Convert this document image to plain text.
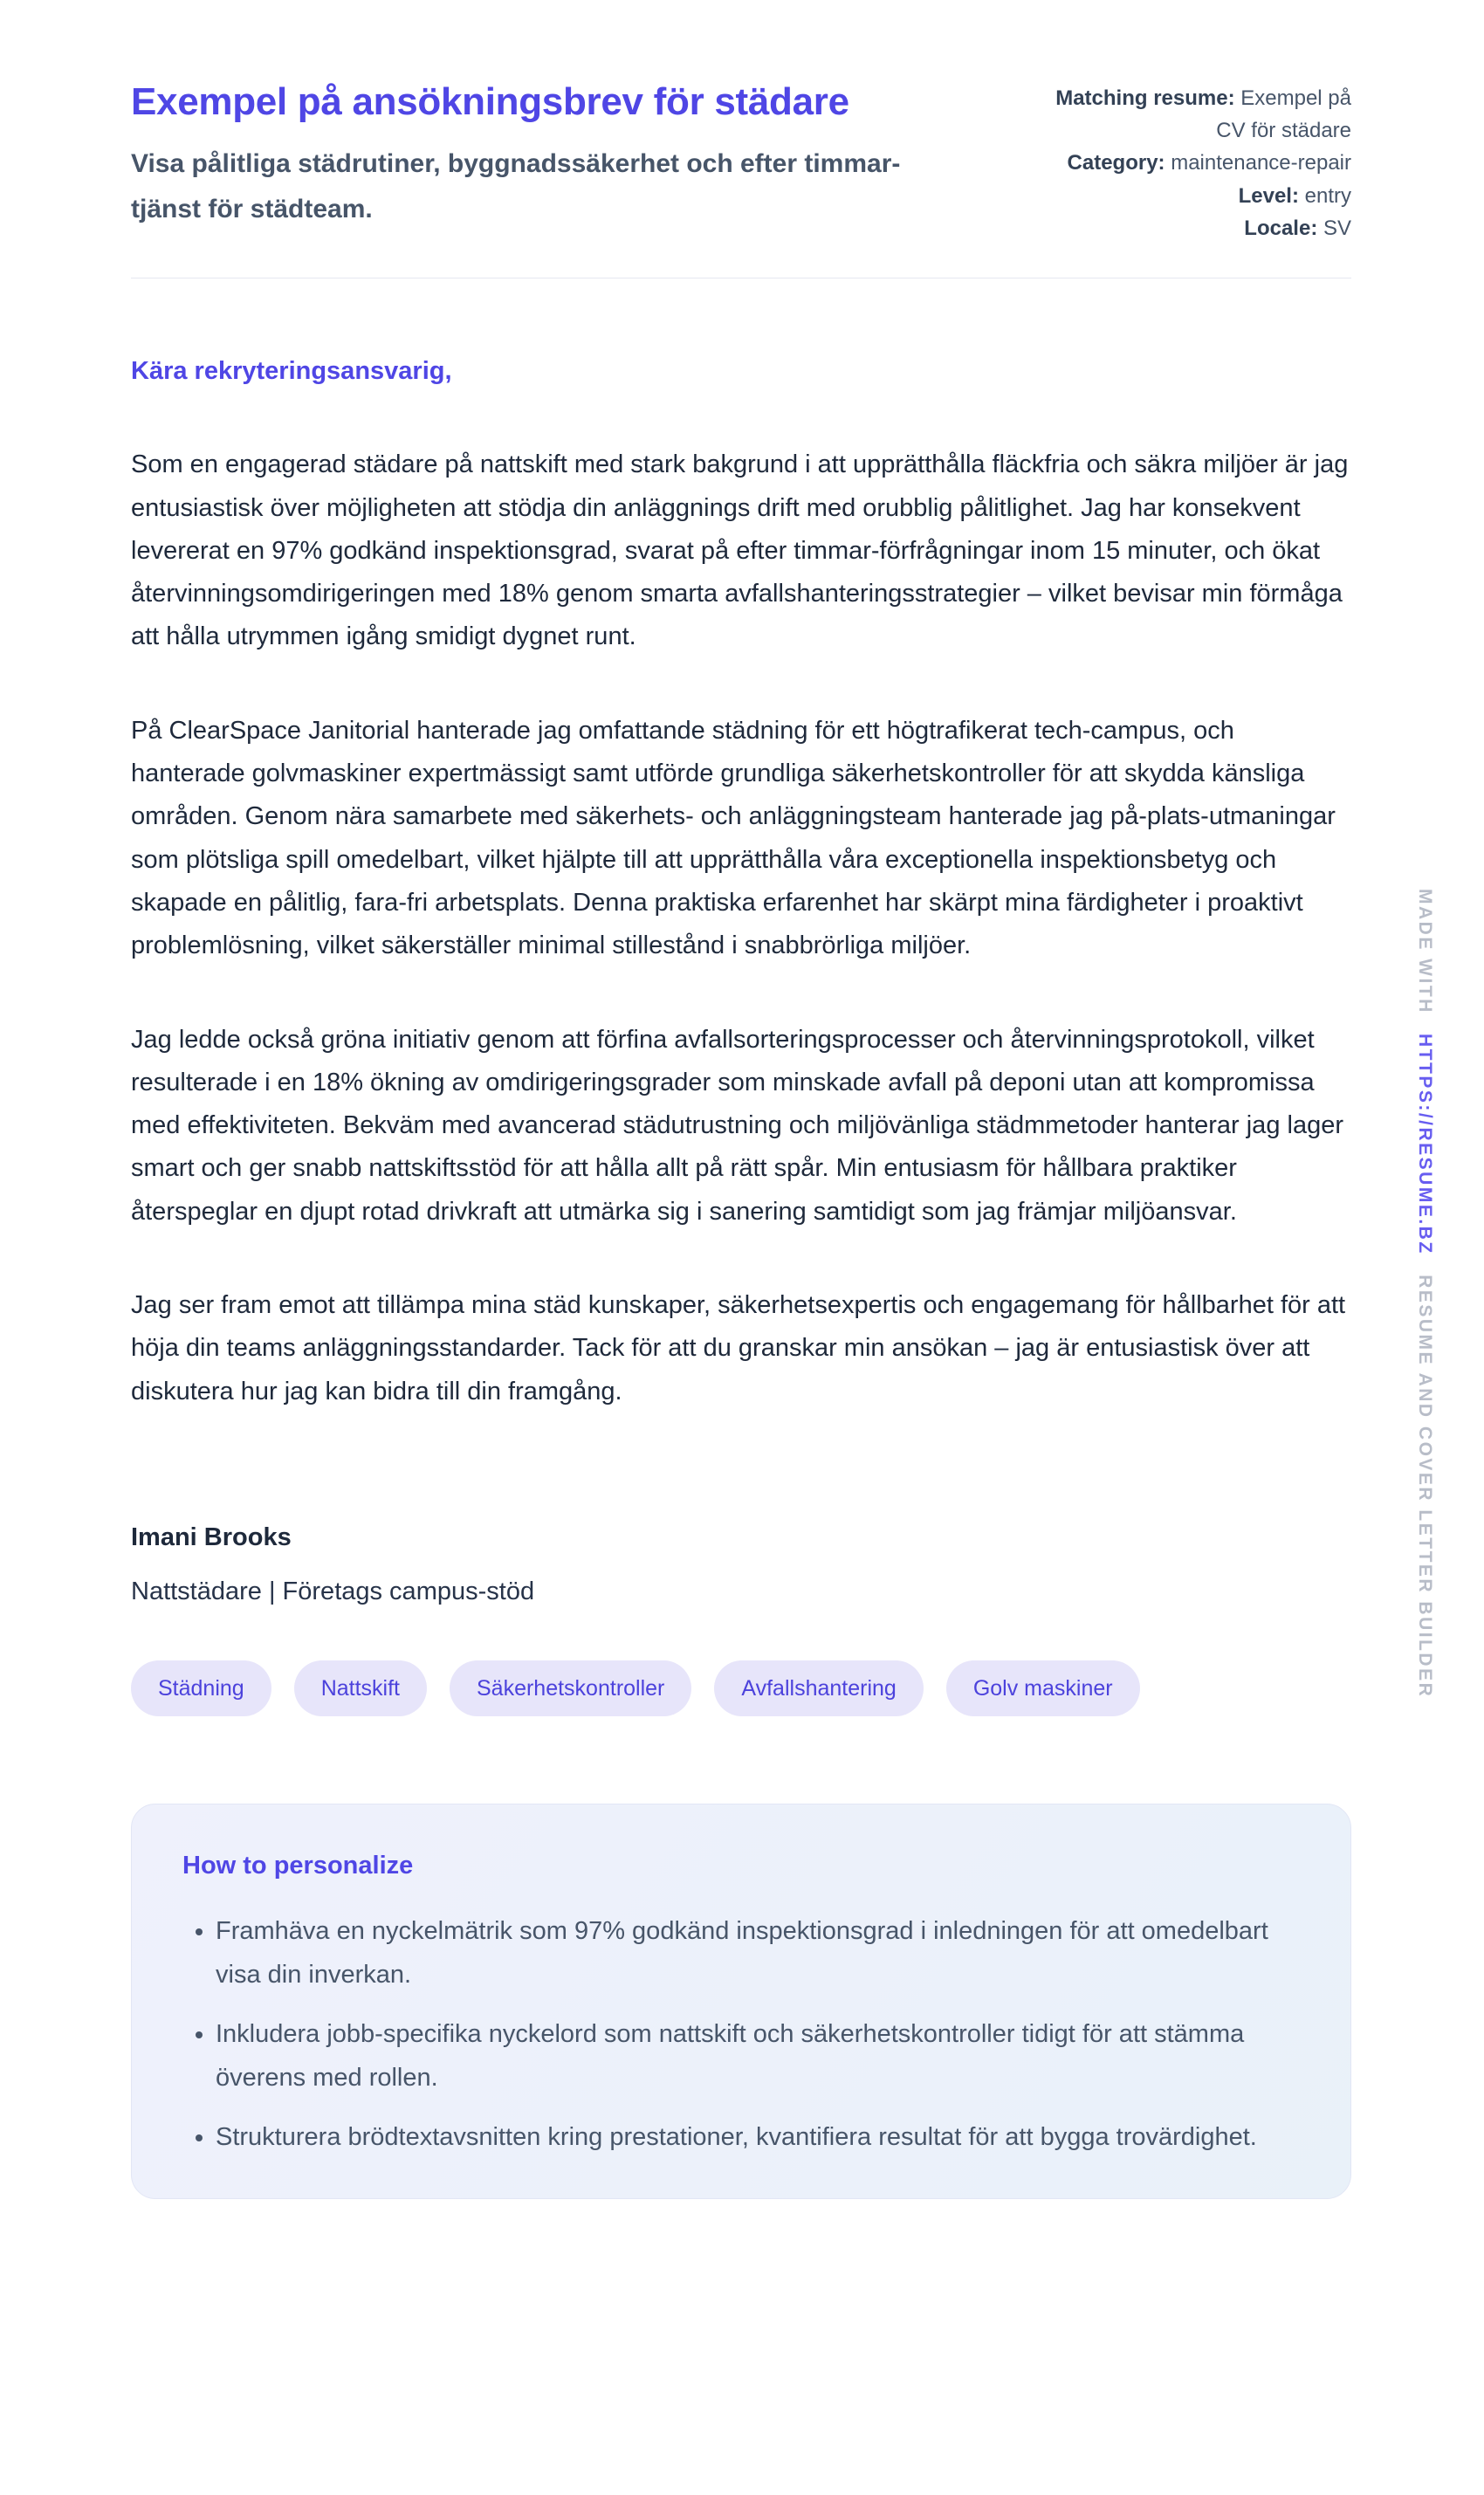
Exempel på ansökningsbrev för städare

Visa pålitliga städrutiner, byggnadssäkerhet och efter timmar-tjänst för städteam.

Matching resume: Exempel på CV för städare
Category: maintenance-repair
Level: entry
Locale: SV

Kära rekryteringsansvarig,

Som en engagerad städare på nattskift med stark bakgrund i att upprätthålla fläckfria och säkra miljöer är jag entusiastisk över möjligheten att stödja din anläggnings drift med orubblig pålitlighet. Jag har konsekvent levererat en 97% godkänd inspektionsgrad, svarat på efter timmar-förfrågningar inom 15 minuter, och ökat återvinningsomdirigeringen med 18% genom smarta avfallshanteringsstrategier – vilket bevisar min förmåga att hålla utrymmen igång smidigt dygnet runt.

På ClearSpace Janitorial hanterade jag omfattande städning för ett högtrafikerat tech-campus, och hanterade golvmaskiner expertmässigt samt utförde grundliga säkerhetskontroller för att skydda känsliga områden. Genom nära samarbete med säkerhets- och anläggningsteam hanterade jag på-plats-utmaningar som plötsliga spill omedelbart, vilket hjälpte till att upprätthålla våra exceptionella inspektionsbetyg och skapade en pålitlig, fara-fri arbetsplats. Denna praktiska erfarenhet har skärpt mina färdigheter i proaktivt problemlösning, vilket säkerställer minimal stillestånd i snabbrörliga miljöer.

Jag ledde också gröna initiativ genom att förfina avfallsorteringsprocesser och återvinningsprotokoll, vilket resulterade i en 18% ökning av omdirigeringsgrader som minskade avfall på deponi utan att kompromissa med effektiviteten. Bekväm med avancerad städutrustning och miljövänliga städmmetoder hanterar jag lager smart och ger snabb nattskiftsstöd för att hålla allt på rätt spår. Min entusiasm för hållbara praktiker återspeglar en djupt rotad drivkraft att utmärka sig i sanering samtidigt som jag främjar miljöansvar.

Jag ser fram emot att tillämpa mina städ kunskaper, säkerhetsexpertis och engagemang för hållbarhet för att höja din teams anläggningsstandarder. Tack för att du granskar min ansökan – jag är entusiastisk över att diskutera hur jag kan bidra till din framgång.

Imani Brooks

Nattstädare | Företags campus-stöd

Städning	Nattskift	Säkerhetskontroller	Avfallshantering	Golv maskiner
How to personalize
• Framhäva en nyckelmätrik som 97% godkänd inspektionsgrad i inledningen för att omedelbart visa din inverkan.
• Inkludera jobb-specifika nyckelord som nattskift och säkerhetskontroller tidigt för att stämma överens med rollen.
• Strukturera brödtextavsnitten kring prestationer, kvantifiera resultat för att bygga trovärdighet.
MADE WITH HTTPS://RESUME.BZ RESUME AND COVER LETTER BUILDER
